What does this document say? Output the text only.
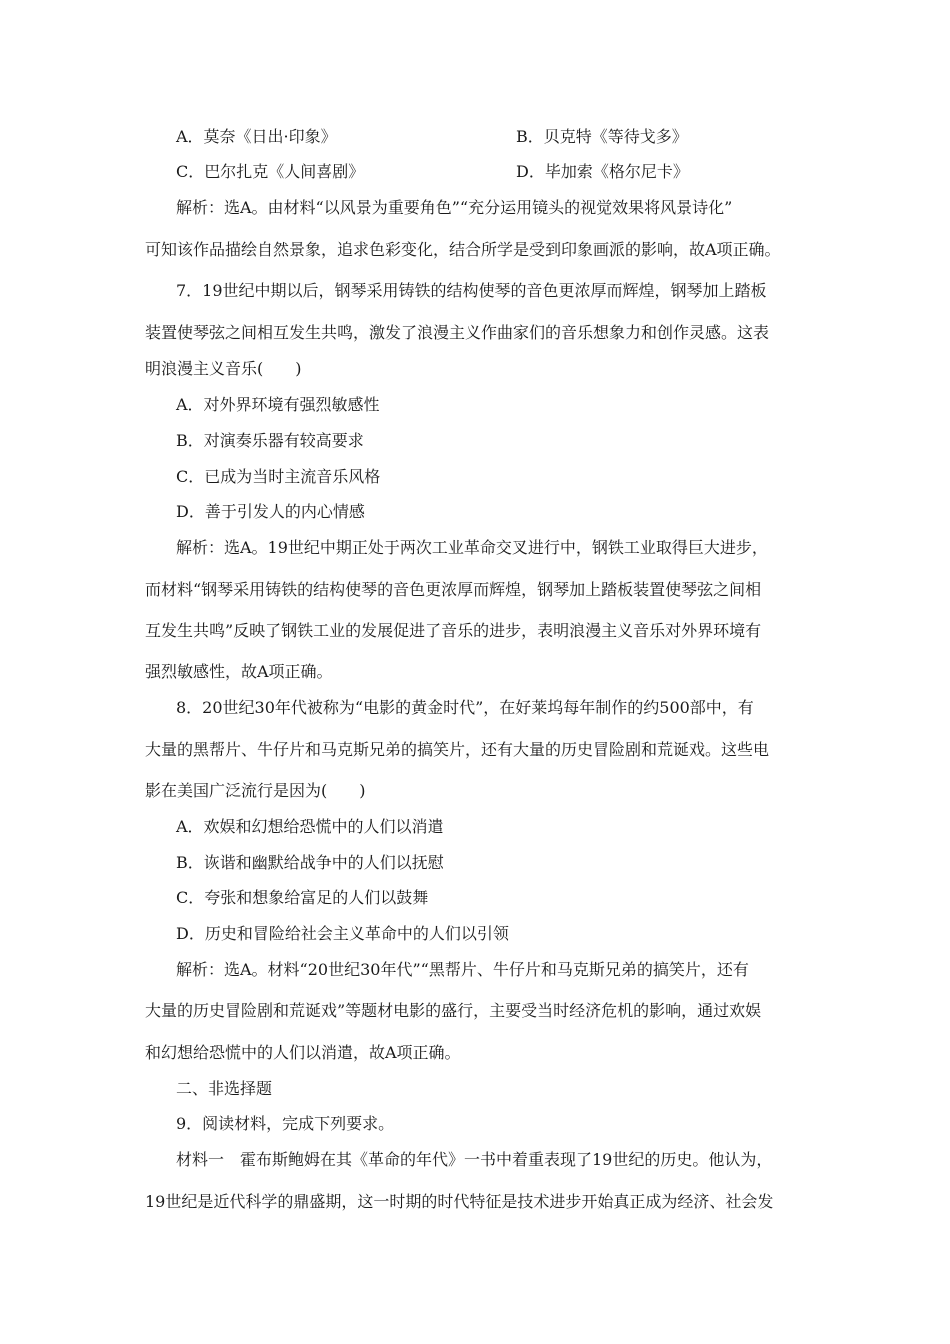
A．莫奈《日出·印象》	B．贝克特《等待戈多》
C．巴尔扎克《人间喜剧》	D．毕加索《格尔尼卡》
解析：选A。由材料“以风景为重要角色”“充分运用镜头的视觉效果将风景诗化”
可知该作品描绘自然景象，追求色彩变化，结合所学是受到印象画派的影响，故A项正确。
7．19世纪中期以后，钢琴采用铸铁的结构使琴的音色更浓厚而辉煌，钢琴加上踏板
装置使琴弦之间相互发生共鸣，激发了浪漫主义作曲家们的音乐想象力和创作灵感。这表
明浪漫主义音乐(　　)
A．对外界环境有强烈敏感性
B．对演奏乐器有较高要求
C．已成为当时主流音乐风格
D．善于引发人的内心情感
解析：选A。19世纪中期正处于两次工业革命交叉进行中，钢铁工业取得巨大进步，
而材料“钢琴采用铸铁的结构使琴的音色更浓厚而辉煌，钢琴加上踏板装置使琴弦之间相
互发生共鸣”反映了钢铁工业的发展促进了音乐的进步，表明浪漫主义音乐对外界环境有
强烈敏感性，故A项正确。
8．20世纪30年代被称为“电影的黄金时代”，在好莱坞每年制作的约500部中，有
大量的黑帮片、牛仔片和马克斯兄弟的搞笑片，还有大量的历史冒险剧和荒诞戏。这些电
影在美国广泛流行是因为(　　)
A．欢娱和幻想给恐慌中的人们以消遣
B．诙谐和幽默给战争中的人们以抚慰
C．夸张和想象给富足的人们以鼓舞
D．历史和冒险给社会主义革命中的人们以引领
解析：选A。材料“20世纪30年代”“黑帮片、牛仔片和马克斯兄弟的搞笑片，还有
大量的历史冒险剧和荒诞戏”等题材电影的盛行，主要受当时经济危机的影响，通过欢娱
和幻想给恐慌中的人们以消遣，故A项正确。
二、非选择题
9．阅读材料，完成下列要求。
材料一　霍布斯鲍姆在其《革命的年代》一书中着重表现了19世纪的历史。他认为，
19世纪是近代科学的鼎盛期，这一时期的时代特征是技术进步开始真正成为经济、社会发
